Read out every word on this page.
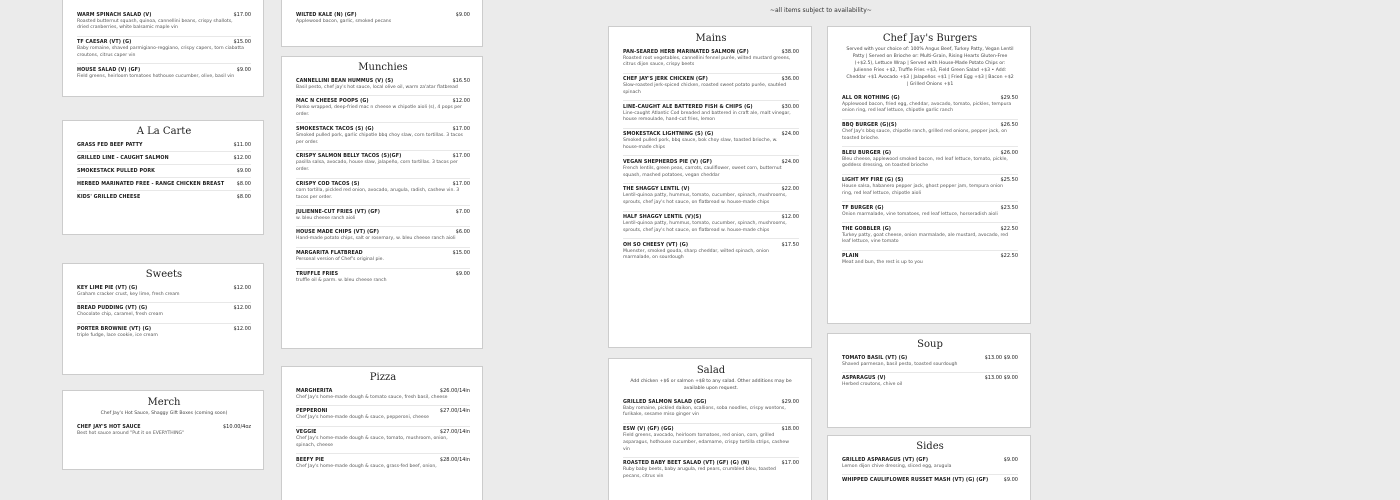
~all items subject to availability~
WARM SPINACH SALAD (V)	$17.00
Roasted butternut squash, quinoa, cannellini beans, crispy shallots, dried cranberries, white balsamic maple vin
TF CAESAR (VT) (G)	$15.00
Baby romaine, shaved parmigiano-reggiano, crispy capers, torn ciabatta croutons, citrus caper vin
HOUSE SALAD (V) (GF)	$9.00
Field greens, heirloom tomatoes hothouse cucumber, olive, basil vin
A La Carte
GRASS FED BEEF PATTY	$11.00
GRILLED LINE - CAUGHT SALMON	$12.00
SMOKESTACK PULLED PORK	$9.00
HERBED MARINATED FREE - RANGE CHICKEN BREAST $8.00
KIDS' GRILLED CHEESE	$8.00
Sweets
KEY LIME PIE (VT) (G)	$12.00
Graham cracker crust, key lime, fresh cream
BREAD PUDDING (VT) (G)	$12.00
Chocolate chip, caramel, fresh cream
PORTER BROWNIE (VT) (G)	$12.00
triple fudge, lace cookie, ice cream
Merch
Chef Jay's Hot Sauce, Shaggy Gift Boxes (coming soon)
CHEF JAY'S HOT SAUCE	$10.00/4oz
Best hot sauce around "Put it on EVERYTHING"
WILTED KALE (N) (GF)	$9.00
Applewood bacon, garlic, smoked pecans
Munchies
CANNELLINI BEAN HUMMUS (V) (S)	$16.50
Basil pesto, chef jay's hot sauce, local olive oil, warm za'atar flatbread
MAC N CHEESE POOPS (G)	$12.00
Panko wrapped, deep-fried mac n cheese w chipotle aioli (s), 4 pops per order.
SMOKESTACK TACOS (S) (G)	$17.00
Smoked pulled pork, garlic chipotle bbq choy slaw, corn tortillas. 3 tacos per order.
CRISPY SALMON BELLY TACOS (S)(GF)	$17.00
pasilla salsa, avocado, house slaw, jalapeño, corn tortillas. 3 tacos per order.
CRISPY COD TACOS (S)	$17.00
corn tortilla, pickled red onion, avocado, arugula, radish, cashew vin. 3 tacos per order.
JULIENNE-CUT FRIES (VT) (GF)	$7.00
w. bleu cheese ranch aioli
HOUSE MADE CHIPS (VT) (GF)	$6.00
Hand-made potato chips, salt or rosemary, w. bleu cheese ranch aioli
MARGARITA FLATBREAD	$15.00
Personal version of Chef's original pie.
TRUFFLE FRIES	$9.00
truffle oil & parm. w. bleu cheese ranch
Pizza
MARGHERITA	$26.00/14in
Chef Jay's home-made dough & tomato sauce, fresh basil, cheese
PEPPERONI	$27.00/14in
Chef Jay's home-made dough & sauce, pepperoni, cheese
VEGGIE	$27.00/14in
Chef Jay's home-made dough & sauce, tomato, mushroom, onion, spinach, cheese
BEEFY PIE	$28.00/14in
Chef Jay's home-made dough & sauce, grass-fed beef, onion,
Mains
PAN-SEARED HERB MARINATED SALMON (GF)	$38.00
Roasted root vegetables, cannellini fennel purée, wilted mustard greens, citrus dijon sauce, crispy beets
CHEF JAY'S JERK CHICKEN (GF)	$36.00
Slow-roasted jerk-spiced chicken, roasted sweet potato purée, sautéed spinach
LINE-CAUGHT ALE BATTERED FISH & CHIPS (G)	$30.00
Line-caught Atlantic Cod breaded and battered in craft ale, malt vinegar, house remoulade, hand-cut fries, lemon
SMOKESTACK LIGHTNING (S) (G)	$24.00
Smoked pulled pork, bbq sauce, bok choy slaw, toasted brioche, w. house-made chips
VEGAN SHEPHERDS PIE (V) (GF)	$24.00
French lentils, green peas, carrots, cauliflower, sweet corn, butternut squash, mashed potatoes, vegan cheddar
THE SHAGGY LENTIL (V)	$22.00
Lentil-quinoa patty, hummus, tomato, cucumber, spinach, mushrooms, sprouts, chef jay's hot sauce, on flatbread w. house-made chips
HALF SHAGGY LENTIL (V)(S)	$12.00
Lentil-quinoa patty, hummus, tomato, cucumber, spinach, mushrooms, sprouts, chef jay's hot sauce, on flatbread w. house-made chips
OH SO CHEESY (VT) (G)	$17.50
Muenster, smoked gouda, sharp cheddar, wilted spinach, onion marmalade, on sourdough
Salad
Add chicken +$6 or salmon +$8 to any salad. Other additions may be available upon request.
GRILLED SALMON SALAD (GG)	$29.00
Baby romaine, pickled daikon, scallions, soba noodles, crispy wontons, furikake, sesame miso ginger vin
ESW (V) (GF) (GG)	$18.00
Field greens, avocado, heirloom tomatoes, red onion, corn, grilled asparagus, hothouse cucumber, edamame, crispy tortilla strips, cashew vin
ROASTED BABY BEET SALAD (VT) (GF) (G) (N)	$17.00
Ruby baby beets, baby arugula, red pears, crumbled bleu, toasted pecans, citrus vin
Chef Jay's Burgers
Served with your choice of: 100% Angus Beef, Turkey Patty, Vegan Lentil Patty | Served on Brioche or: Multi-Grain, Rising Hearts Gluten-Free (+$2.5), Lettuce Wrap | Served with House-Made Potato Chips or: Julienne Fries +$2, Truffle Fries +$3, Field Green Salad +$3 • Add: Cheddar +$1 Avocado +$3 | Jalapeños +$1 | Fried Egg +$3 | Bacon +$2 | Grilled Onions +$1
ALL OR NOTHING (G)	$29.50
Applewood bacon, fried egg, cheddar, avocado, tomato, pickles, tempura onion ring, red leaf lettuce, chipotle garlic ranch
BBQ BURGER (G)(S)	$26.50
Chef Jay's bbq sauce, chipotle ranch, grilled red onions, pepper jack, on toasted brioche.
BLEU BURGER (G)	$26.00
Bleu cheese, applewood smoked bacon, red leaf lettuce, tomato, pickle, goddess dressing, on toasted brioche
LIGHT MY FIRE (G) (S)	$25.50
House salsa, habanero pepper jack, ghost pepper jam, tempura onion ring, red leaf lettuce, chipotle aioli
TF BURGER (G)	$23.50
Onion marmalade, vine tomatoes, red leaf lettuce, horseradish aioli
THE GOBBLER (G)	$22.50
Turkey patty, goat cheese, onion marmalade, ale mustard, avocado, red leaf lettuce, vine tomato
PLAIN	$22.50
Meat and bun, the rest is up to you
Soup
TOMATO BASIL (VT) (G)	$13.00 $9.00
Shaved parmesan, basil pesto, toasted sourdough
ASPARAGUS (V)	$13.00 $9.00
Herbed croutons, chive oil
Sides
GRILLED ASPARAGUS (VT) (GF)	$9.00
Lemon dijon chive dressing, sliced egg, arugula
WHIPPED CAULIFLOWER RUSSET MASH (VT) (G) (GF)	$9.00
